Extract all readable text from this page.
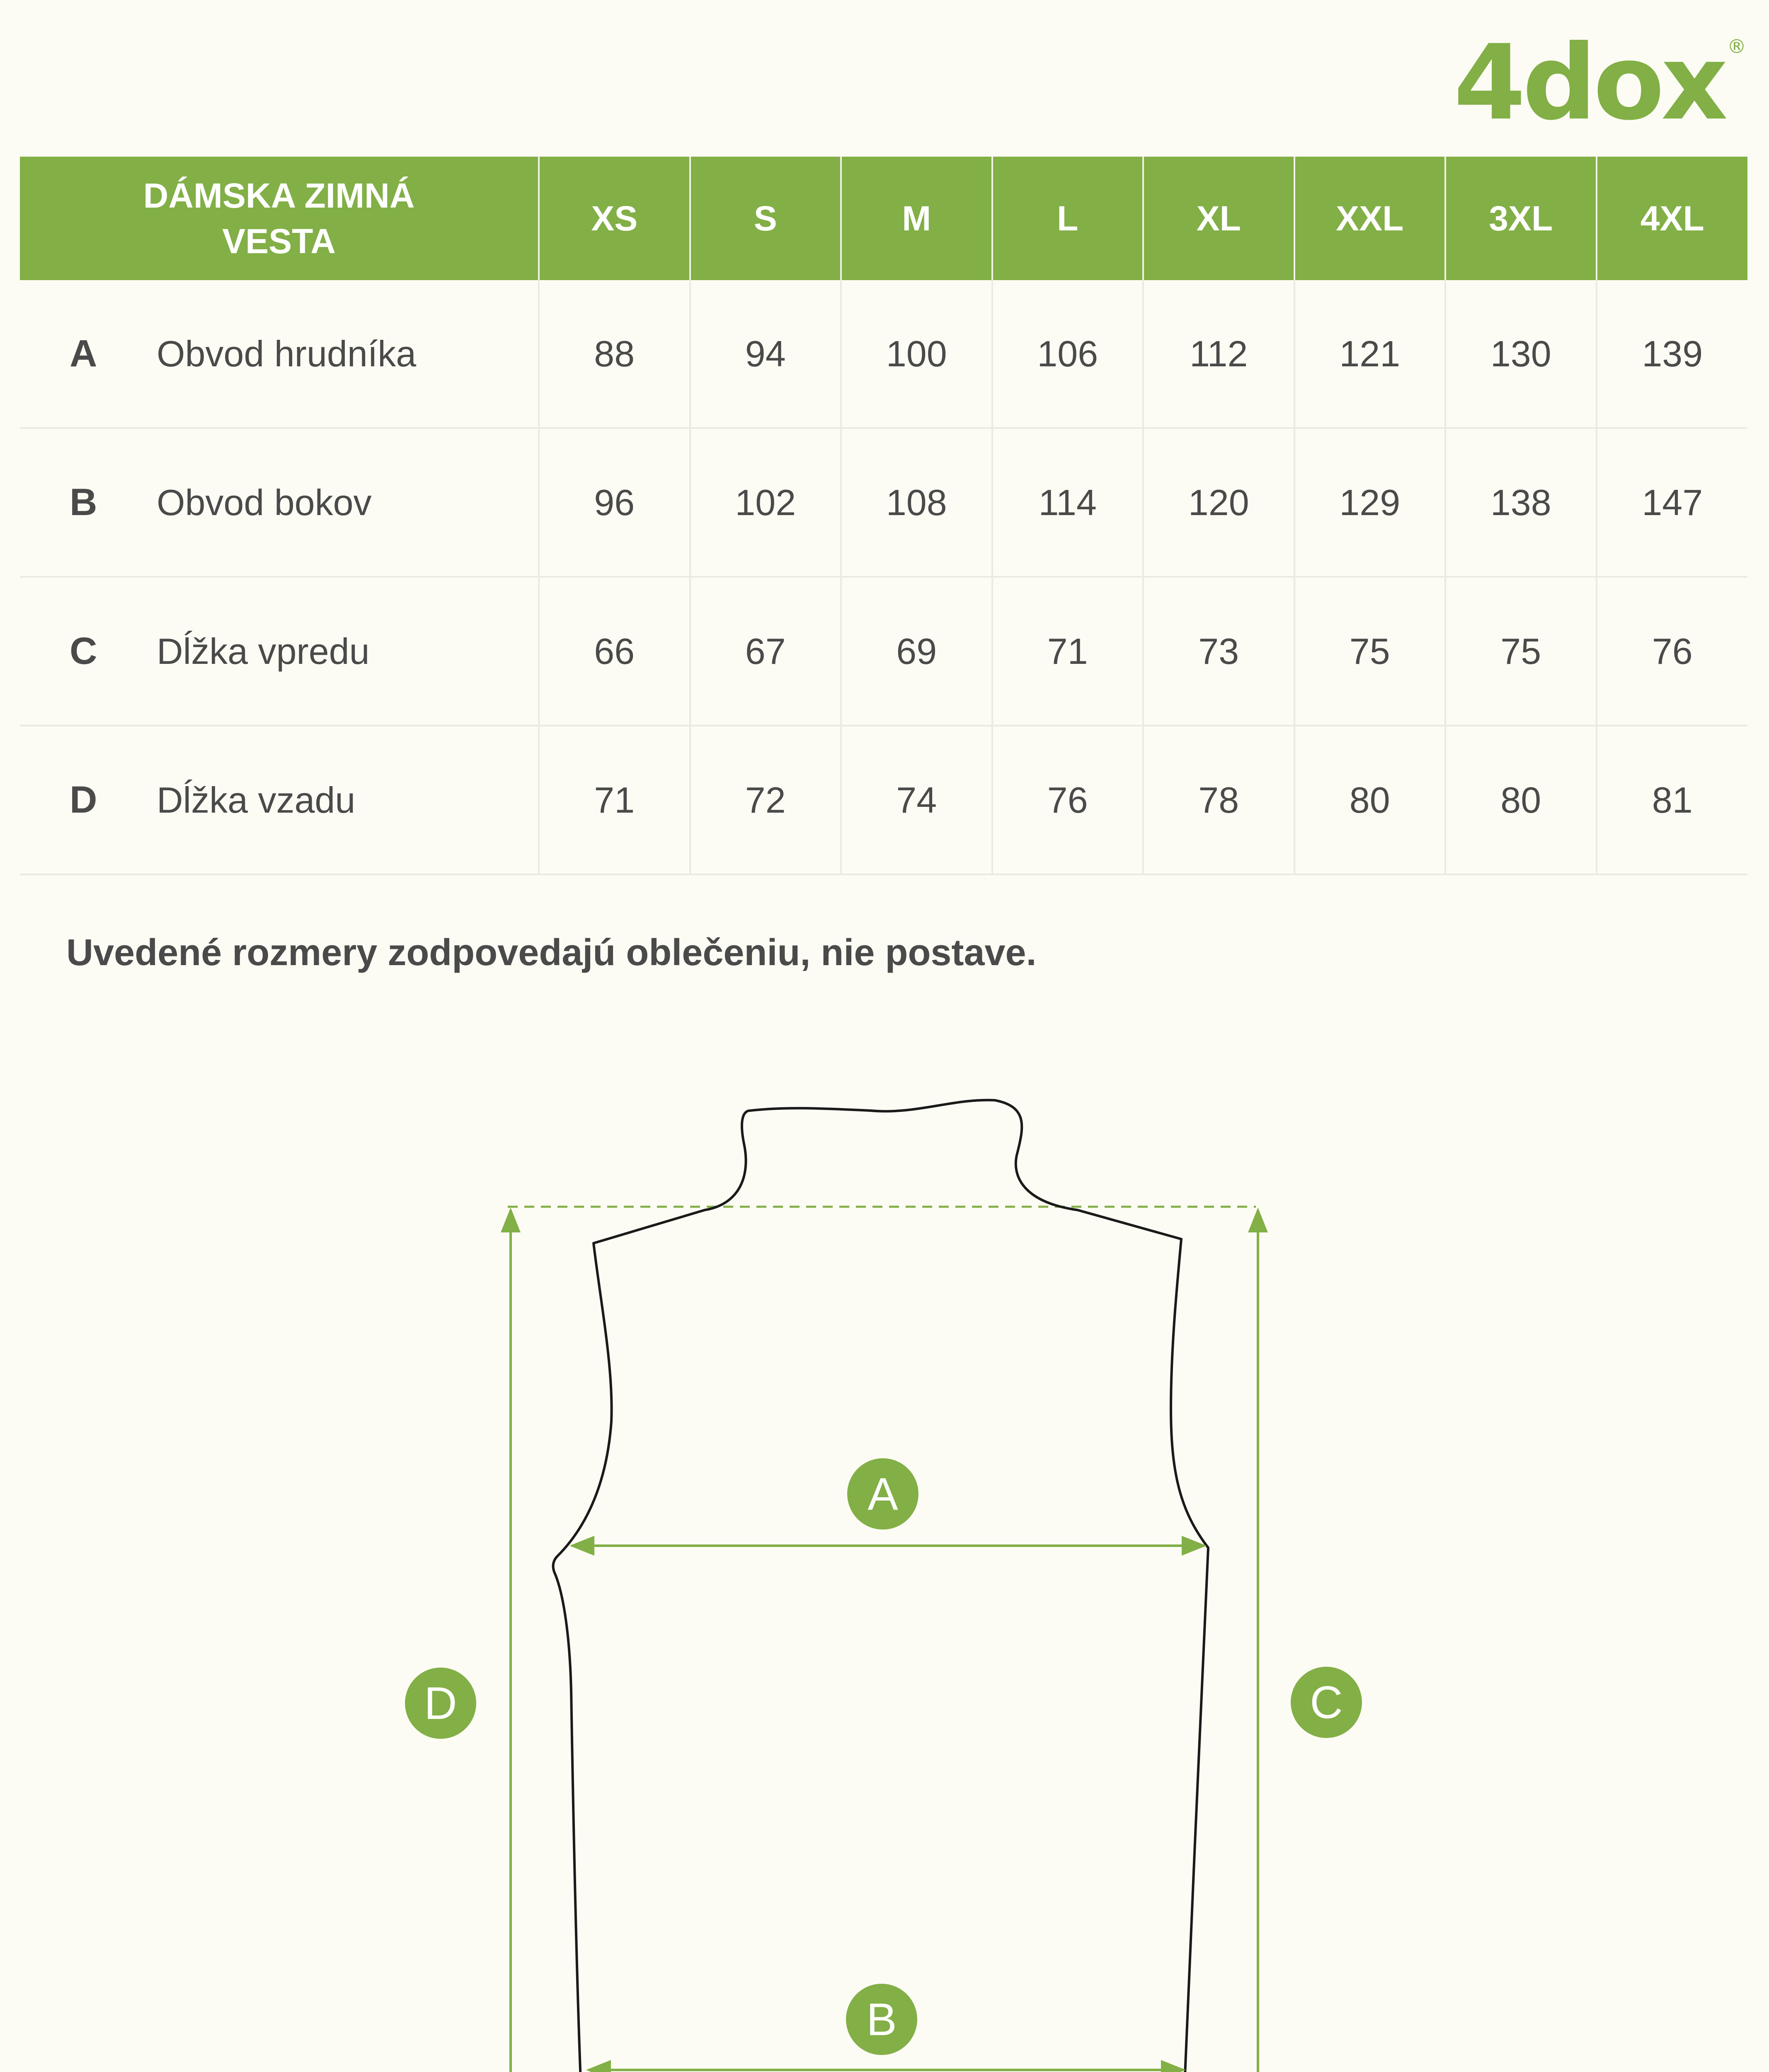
4dox ®
DÁMSKA ZIMNÁ
VESTA	XS	S	M	L	XL	XXL	3XL	4XL

A Obvod hrudníka	88	94	100	106	112	121	130	139

B Obvod bokov	96	102	108	114	120	129	138	147

C Dĺžka vpredu	66	67	69	71	73	75	75	76

D Dĺžka vzadu	71	72	74	76	78	80	80	81
Uvedené rozmery zodpovedajú oblečeniu, nie postave.
A
B
C
D
